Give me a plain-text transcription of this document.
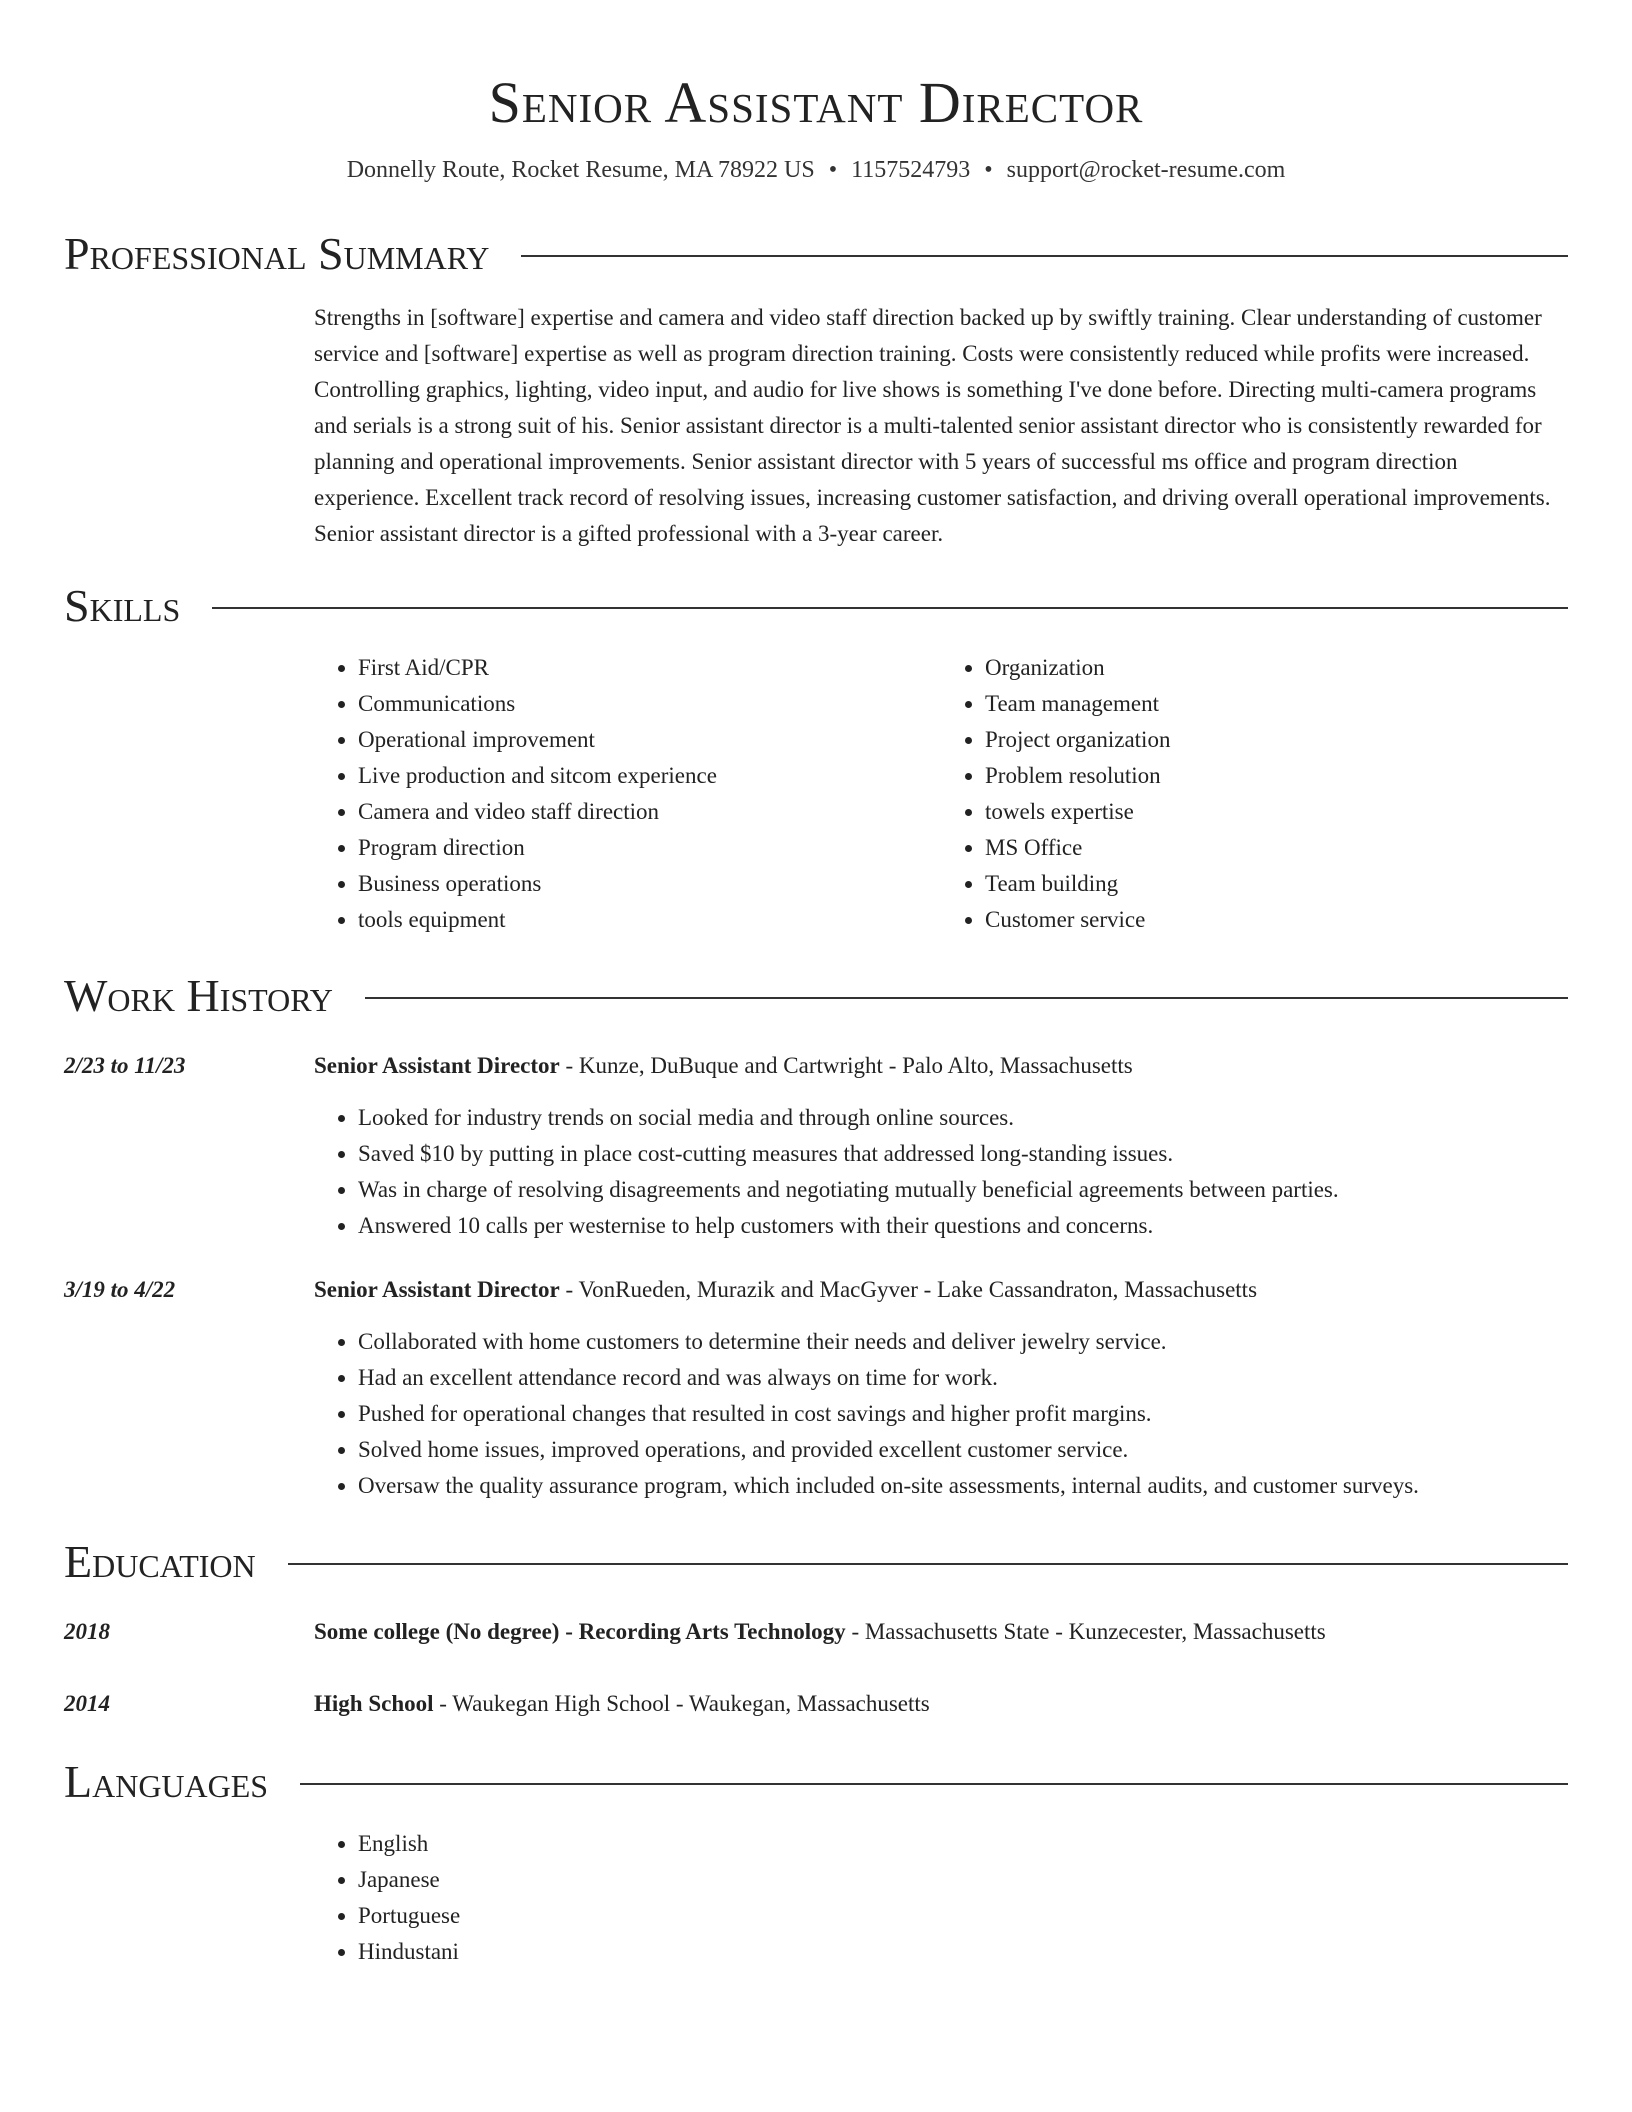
Senior Assistant Director
Donnelly Route, Rocket Resume, MA 78922 US • 1157524793 • support@rocket-resume.com
Professional Summary

Strengths in [software] expertise and camera and video staff direction backed up by swiftly training. Clear understanding of customer service and [software] expertise as well as program direction training. Costs were consistently reduced while profits were increased. Controlling graphics, lighting, video input, and audio for live shows is something I've done before. Directing multi-camera programs and serials is a strong suit of his. Senior assistant director is a multi-talented senior assistant director who is consistently rewarded for planning and operational improvements. Senior assistant director with 5 years of successful ms office and program direction experience. Excellent track record of resolving issues, increasing customer satisfaction, and driving overall operational improvements. Senior assistant director is a gifted professional with a 3-year career.

Skills
• First Aid/CPR
• Communications
• Operational improvement
• Live production and sitcom experience
• Camera and video staff direction
• Program direction
• Business operations
• tools equipment
• Organization
• Team management
• Project organization
• Problem resolution
• towels expertise
• MS Office
• Team building
• Customer service
Work History
2/23 to 11/23	Senior Assistant Director - Kunze, DuBuque and Cartwright - Palo Alto, Massachusetts
• Looked for industry trends on social media and through online sources.
• Saved $10 by putting in place cost-cutting measures that addressed long-standing issues.
• Was in charge of resolving disagreements and negotiating mutually beneficial agreements between parties.
• Answered 10 calls per westernise to help customers with their questions and concerns.
3/19 to 4/22	Senior Assistant Director - VonRueden, Murazik and MacGyver - Lake Cassandraton, Massachusetts
• Collaborated with home customers to determine their needs and deliver jewelry service.
• Had an excellent attendance record and was always on time for work.
• Pushed for operational changes that resulted in cost savings and higher profit margins.
• Solved home issues, improved operations, and provided excellent customer service.
• Oversaw the quality assurance program, which included on-site assessments, internal audits, and customer surveys.
Education
2018	Some college (No degree) - Recording Arts Technology - Massachusetts State - Kunzecester, Massachusetts
2014	High School - Waukegan High School - Waukegan, Massachusetts
Languages
• English
• Japanese
• Portuguese
• Hindustani
